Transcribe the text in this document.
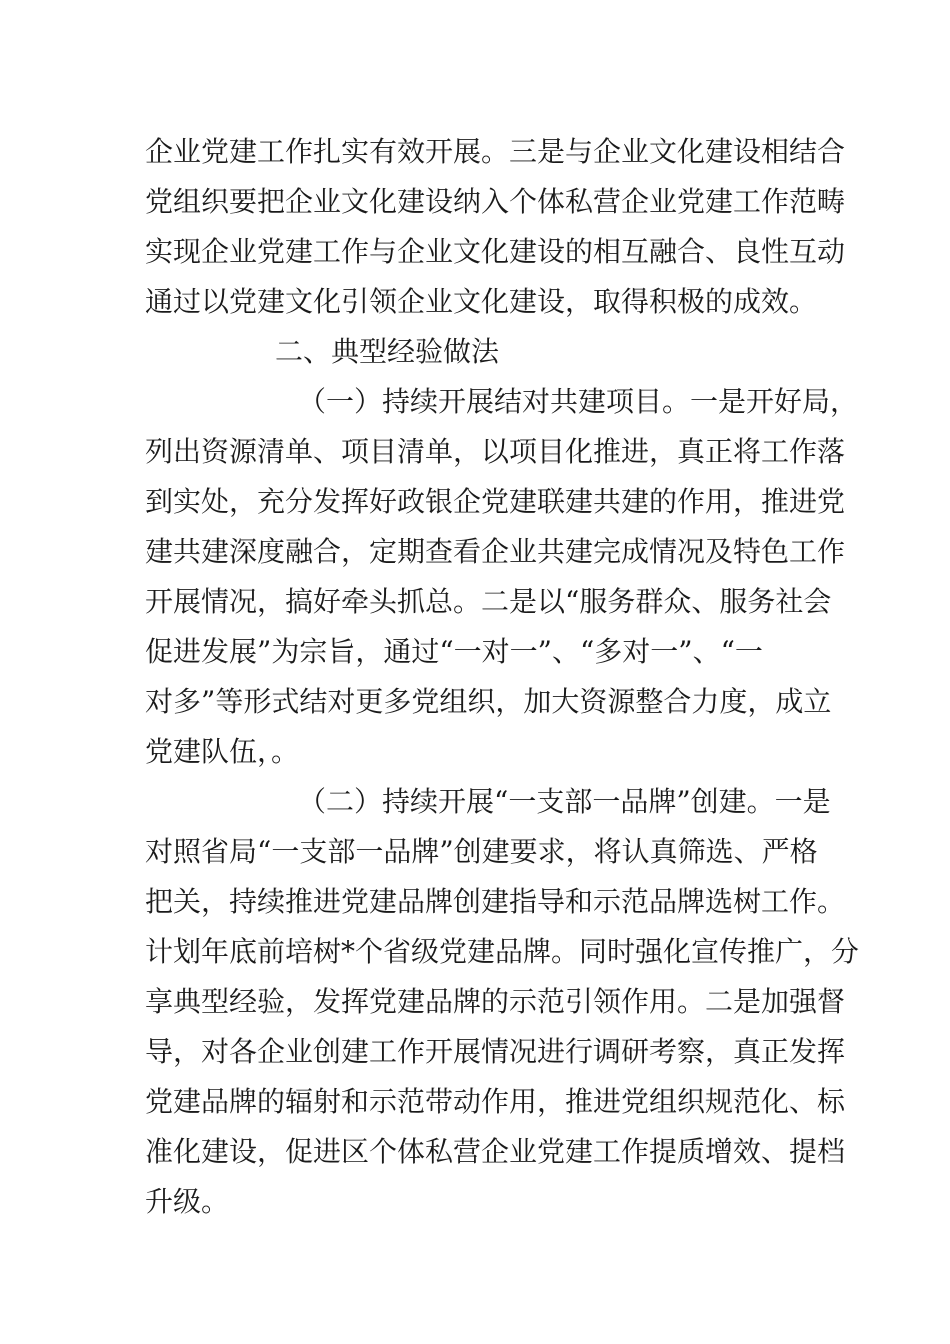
企业党建工作扎实有效开展。三是与企业文化建设相结合

党组织要把企业文化建设纳入个体私营企业党建工作范畴

实现企业党建工作与企业文化建设的相互融合、良性互动

通过以党建文化引领企业文化建设，取得积极的成效。

二、典型经验做法

（一）持续开展结对共建项目。一是开好局，

列出资源清单、项目清单，以项目化推进，真正将工作落

到实处，充分发挥好政银企党建联建共建的作用，推进党

建共建深度融合，定期查看企业共建完成情况及特色工作

开展情况，搞好牵头抓总。二是以“服务群众、服务社会

促进发展”为宗旨，通过“一对一”、“多对一”、“一

对多”等形式结对更多党组织，加大资源整合力度，成立

党建队伍，。

（二）持续开展“一支部一品牌”创建。一是

对照省局“一支部一品牌”创建要求，将认真筛选、严格

把关，持续推进党建品牌创建指导和示范品牌选树工作。

计划年底前培树*个省级党建品牌。同时强化宣传推广，分

享典型经验，发挥党建品牌的示范引领作用。二是加强督

导，对各企业创建工作开展情况进行调研考察，真正发挥

党建品牌的辐射和示范带动作用，推进党组织规范化、标

准化建设，促进区个体私营企业党建工作提质增效、提档

升级。
